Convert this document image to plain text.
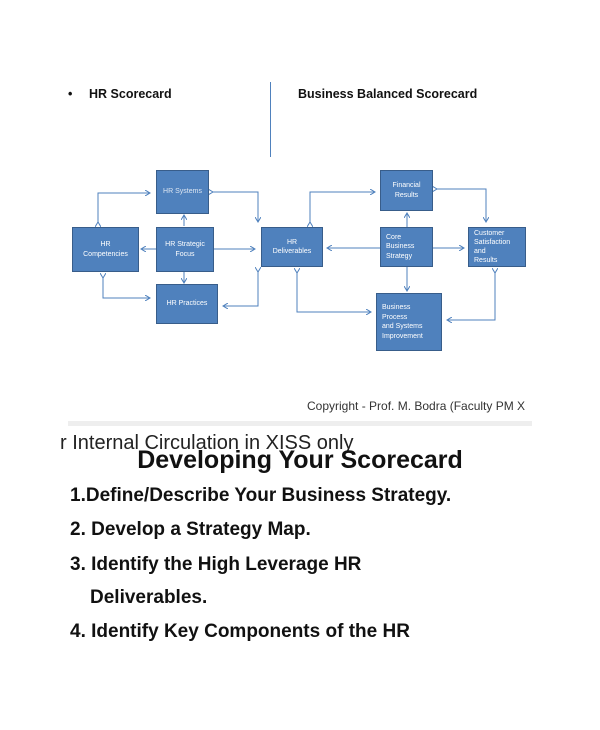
• HR Scorecard	Business Balanced Scorecard
HR Systems
HR
Competencies
HR Strategic
Focus
HR Practices
HR
Deliverables
Financial
Results
Core
Business
Strategy
Customer
Satisfaction
and
Results
Business
Process
and Systems
Improvement
Copyright - Prof. M. Bodra (Faculty PM X
r Internal Circulation in XISS only
Developing Your Scorecard
1.Define/Describe Your Business Strategy.
2. Develop a Strategy Map.
3. Identify the High Leverage HR
Deliverables.
4. Identify Key Components of the HR
